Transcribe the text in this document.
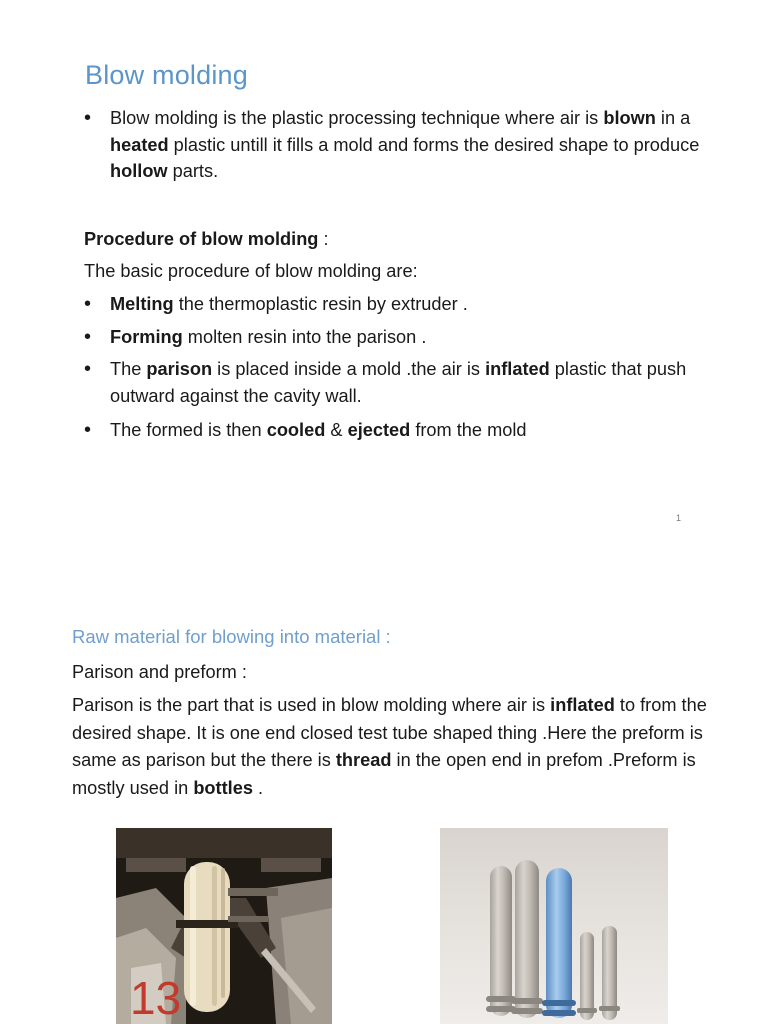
Blow molding
• Blow molding is the plastic processing technique where air is blown in a heated plastic untill it fills a mold and forms the desired shape to produce hollow parts.
Procedure of blow molding :
The basic procedure of blow molding are:
• Melting the thermoplastic resin by extruder .
• Forming molten resin into the parison .
• The parison is placed inside a mold .the air is inflated plastic that push outward against the cavity wall.
• The formed is then cooled & ejected from the mold
1
Raw material for blowing into material :
Parison and preform :
Parison is the part that is used in blow molding where air is inflated to from the desired shape. It is one end closed test tube shaped thing .Here the preform is same as parison but the there is thread in the open end in prefom .Preform is mostly used in bottles .
13
